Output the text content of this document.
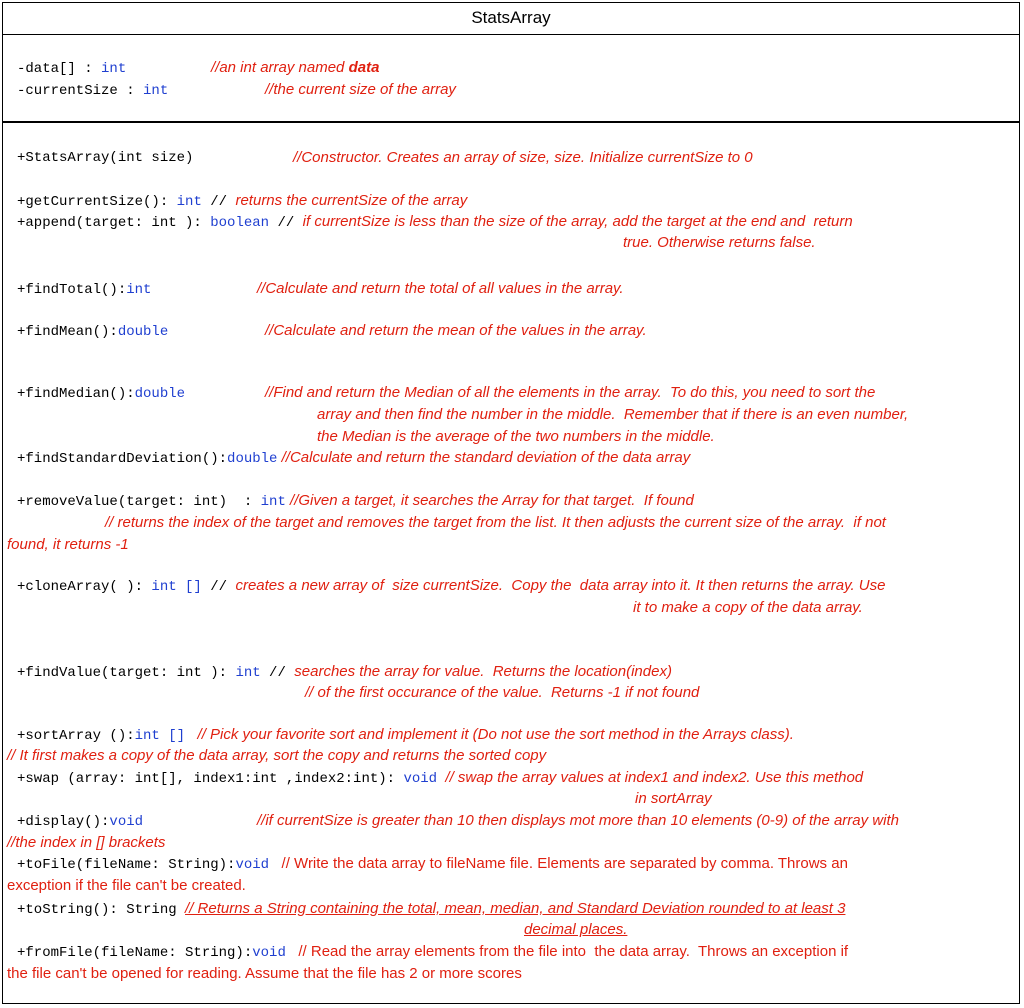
StatsArray
-data[] : int	//an int array named data
-currentSize : int	//the current size of the array
+StatsArray(int size)	//Constructor. Creates an array of size, size. Initialize currentSize to 0
+getCurrentSize(): int // returns the currentSize of the array
+append(target: int ): boolean // if currentSize is less than the size of the array, add the target at the end and  return
true. Otherwise returns false.
+findTotal():int	//Calculate and return the total of all values in the array.
+findMean():double	//Calculate and return the mean of the values in the array.
+findMedian():double	//Find and return the Median of all the elements in the array.  To do this, you need to sort the
array and then find the number in the middle.  Remember that if there is an even number,
the Median is the average of the two numbers in the middle.
+findStandardDeviation():double //Calculate and return the standard deviation of the data array
+removeValue(target: int)  : int //Given a target, it searches the Array for that target.  If found
// returns the index of the target and removes the target from the list. It then adjusts the current size of the array.  if not
found, it returns -1
+cloneArray( ): int [] // creates a new array of  size currentSize.  Copy the  data array into it. It then returns the array. Use
it to make a copy of the data array.
+findValue(target: int ): int // searches the array for value.  Returns the location(index)
// of the first occurance of the value.  Returns -1 if not found
+sortArray ():int []   // Pick your favorite sort and implement it (Do not use the sort method in the Arrays class).
// It first makes a copy of the data array, sort the copy and returns the sorted copy
+swap (array: int[], index1:int ,index2:int): void  // swap the array values at index1 and index2. Use this method
in sortArray
+display():void	//if currentSize is greater than 10 then displays mot more than 10 elements (0-9) of the array with
//the index in [] brackets
+toFile(fileName: String):void   // Write the data array to fileName file. Elements are separated by comma. Throws an
exception if the file can't be created.
+toString(): String // Returns a String containing the total, mean, median, and Standard Deviation rounded to at least 3
decimal places.
+fromFile(fileName: String):void   // Read the array elements from the file into  the data array.  Throws an exception if
the file can't be opened for reading. Assume that the file has 2 or more scores
